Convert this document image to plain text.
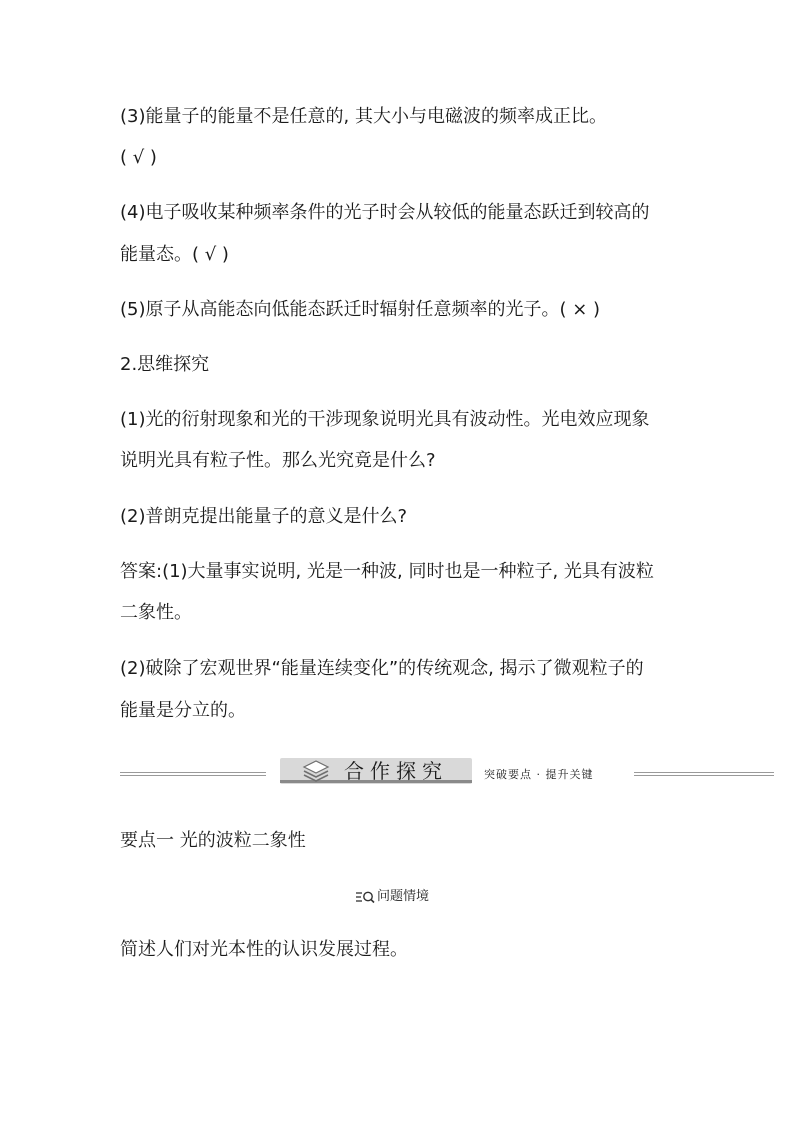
(3)能量子的能量不是任意的, 其大小与电磁波的频率成正比。
( √ )
(4)电子吸收某种频率条件的光子时会从较低的能量态跃迁到较高的
能量态。( √ )
(5)原子从高能态向低能态跃迁时辐射任意频率的光子。( × )
2.思维探究
(1)光的衍射现象和光的干涉现象说明光具有波动性。光电效应现象
说明光具有粒子性。那么光究竟是什么?
(2)普朗克提出能量子的意义是什么?
答案:(1)大量事实说明, 光是一种波, 同时也是一种粒子, 光具有波粒
二象性。
(2)破除了宏观世界“能量连续变化”的传统观念, 揭示了微观粒子的
能量是分立的。
合作探究	突破要点 · 提升关键
要点一 光的波粒二象性
问题情境
简述人们对光本性的认识发展过程。
